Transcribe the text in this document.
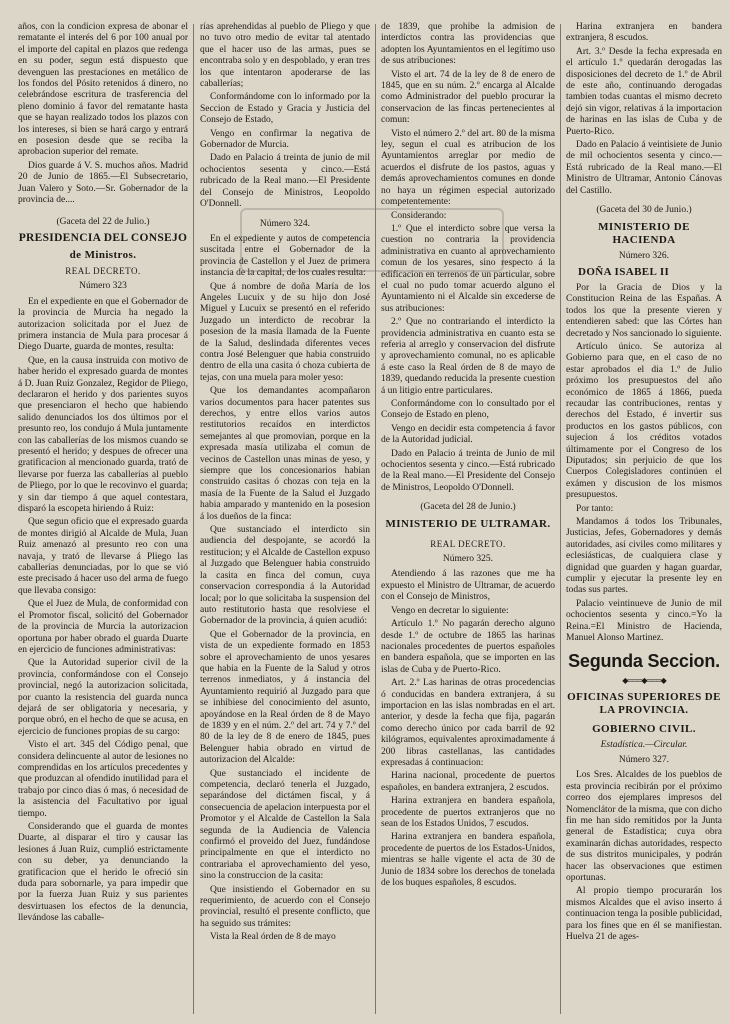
años, con la condicion expresa de abonar el rematante el interés del 6 por 100 anual por el importe del capital en plazos que redenga en su poder, segun está dispuesto que devenguen las prestaciones en metálico de los fondos del Pósito retenidos á dinero, no celebrándose escritura de trasferencia del pleno dominio á favor del rematante hasta que se hayan realizado todos los plazos con los intereses, si bien se hará cargo y entrará en posesion desde que se reciba la aprobacion superior del remate.

Dios guarde á V. S. muchos años. Madrid 20 de Junio de 1865.—El Subsecretario, Juan Valero y Soto.—Sr. Gobernador de la provincia de....

(Gaceta del 22 de Julio.)

PRESIDENCIA DEL CONSEJO
de Ministros.
REAL DECRETO.
Número 323

En el expediente en que el Gobernador de la provincia de Murcia ha negado la autorizacion solicitada por el Juez de primera instancia de Mula para procesar á Diego Duarte, guarda de montes, resulta:

Que, en la causa instruida con motivo de haber herido el expresado guarda de montes á D. Juan Ruiz Gonzalez, Regidor de Pliego, declararon el herido y dos parientes suyos que presenciaron el hecho que habiendo salido denunciados los dos últimos por el presunto reo, los condujo á Mula juntamente con las caballerías de los mismos cuando se presentó el herido; y despues de ofrecer una gratificacion al mencionado guarda, trató de llevarse por fuerza las caballerías al pueblo de Pliego, por lo que le recovinvo el guarda; y sin dar tiempo á que aquel contestara, disparó la escopeta hiriendo á Ruiz:

Que segun oficio que el expresado guarda de montes dirigió al Alcalde de Mula, Juan Ruiz amenazó al presunto reo con una navaja, y trató de llevarse á Pliego las caballerías denunciadas, por lo que se vió este precisado á hacer uso del arma de fuego que llevaba consigo:

Que el Juez de Mula, de conformidad con el Promotor fiscal, solicitó del Gobernador de la provincia de Murcia la autorizacion oportuna por haber obrado el guarda Duarte en ejercicio de funciones administrativas:

Que la Autoridad superior civil de la provincia, conformándose con el Consejo provincial, negó la autorizacion solicitada, por cuanto la resistencia del guarda nunca dejará de ser obligatoria y necesaria, y porque obró, en el hecho de que se acusa, en ejercicio de funciones propias de su cargo:

Visto el art. 345 del Código penal, que considera delincuente al autor de lesiones no comprendidas en los artículos precedentes y que produzcan al ofendido inutilidad para el trabajo por cinco dias ó mas, ó necesidad de la asistencia del Facultativo por igual tiempo.

Considerando que el guarda de montes Duarte, al disparar el tiro y causar las lesiones á Juan Ruiz, cumplió estrictamente con su deber, ya denunciando la gratificacion que el herido le ofreció sin duda para sobornarle, ya para impedir que por la fuerza Juan Ruiz y sus parientes desvirtuasen los efectos de la denuncia, llevándose las caballe-

rías aprehendidas al pueblo de Pliego y que no tuvo otro medio de evitar tal atentado que el hacer uso de las armas, pues se encontraba solo y en despoblado, y eran tres los que intentaron apoderarse de las caballerías;

Conformándome con lo informado por la Seccion de Estado y Gracia y Justicia del Consejo de Estado,

Vengo en confirmar la negativa de Gobernador de Murcia.

Dado en Palacio á treinta de junio de mil ochocientos sesenta y cinco.—Está rubricado de la Real mano.—El Presidente del Consejo de Ministros, Leopoldo O'Donnell.

Número 324.

En el expediente y autos de competencia suscitada entre el Gobernador de la provincia de Castellon y el Juez de primera instancia de la capital, de los cuales resulta:

Que á nombre de doña María de los Angeles Lucuix y de su hijo don José Miguel y Lucuix se presentó en el referido Juzgado un interdicto de recobrar la posesion de la masía llamada de la Fuente de la Salud, deslindada diferentes veces contra José Belenguer que habia construido dentro de ella una casita ó choza cubierta de tejas, con una muela para moler yeso:

Que los demandantes acompañaron varios documentos para hacer patentes sus derechos, y entre ellos varios autos restitutorios recaídos en interdictos semejantes al que promovian, porque en la expresada masía utilizaba el comun de vecinos de Castellon unas minas de yeso, y siempre que los concesionarios habian construido casitas ó chozas con teja en la masía de la Fuente de la Salud el Juzgado habia amparado y mantenido en la posesion á los dueños de la finca:

Que sustanciado el interdicto sin audiencia del despojante, se acordó la restitucion; y el Alcalde de Castellon expuso al Juzgado que Belenguer habia construido la casita en finca del comun, cuya conservacion correspondia á la Autoridad local; por lo que solicitaba la suspension del auto restitutorio hasta que resolviese el Gobernador de la provincia, á quien acudió:

Que el Gobernador de la provincia, en vista de un expediente formado en 1853 sobre el aprovechamiento de unos yesares que habia en la Fuente de la Salud y otros terrenos inmediatos, y á instancia del Ayuntamiento requirió al Juzgado para que se inhibiese del conocimiento del asunto, apoyándose en la Real órden de 8 de Mayo de 1839 y en el núm. 2.º del art. 74 y 7.º del 80 de la ley de 8 de enero de 1845, pues Belenguer habia obrado en virtud de autorizacion del Alcalde:

Que sustanciado el incidente de competencia, declaró tenerla el Juzgado, separándose del dictámen fiscal, y á consecuencia de apelacion interpuesta por el Promotor y el Alcalde de Castellon la Sala segunda de la Audiencia de Valencia confirmó el proveido del Juez, fundándose principalmente en que el interdicto no contrariaba el aprovechamiento del yeso, sino la construccion de la casita:

Que insistiendo el Gobernador en su requerimiento, de acuerdo con el Consejo provincial, resultó el presente conflicto, que ha seguido sus trámites:

Vista la Real órden de 8 de mayo

de 1839, que prohibe la admision de interdictos contra las providencias que adopten los Ayuntamientos en el legítimo uso de sus atribuciones:

Visto el art. 74 de la ley de 8 de enero de 1845, que en su núm. 2.º encarga al Alcalde como Administrador del pueblo procurar la conservacion de las fincas pertenecientes al comun:

Visto el número 2.º del art. 80 de la misma ley, segun el cual es atribucion de los Ayuntamientos arreglar por medio de acuerdos el disfrute de los pastos, aguas y demás aprovechamientos comunes en donde no haya un régimen especial autorizado competentemente:

Considerando:

1.º Que el interdicto sobre que versa la cuestion no contraria la providencia administrativa en cuanto al aprovechamiento comun de los yesares, sino respecto á la edificacion en terrenos de un particular, sobre el cual no pudo tomar acuerdo alguno el Ayuntamiento ni el Alcalde sin excederse de sus atribuciones:

2.º Que no contrariando el interdicto la providencia administrativa en cuanto esta se referia al arreglo y conservacion del disfrute y aprovechamiento comunal, no es aplicable á este caso la Real órden de 8 de mayo de 1839, quedando reducida la presente cuestion á un litigio entre particulares.

Conformándome con lo consultado por el Consejo de Estado en pleno,

Vengo en decidir esta competencia á favor de la Autoridad judicial.

Dado en Palacio á treinta de Junio de mil ochocientos sesenta y cinco.—Está rubricado de la Real mano.—El Presidente del Consejo de Ministros, Leopoldo O'Donnell.

(Gaceta del 28 de Junio.)

MINISTERIO DE ULTRAMAR.
REAL DECRETO.
Número 325.

Atendiendo á las razones que me ha expuesto el Ministro de Ultramar, de acuerdo con el Consejo de Ministros,

Vengo en decretar lo siguiente:

Artículo 1.º No pagarán derecho alguno desde 1.º de octubre de 1865 las harinas nacionales procedentes de puertos españoles en bandera española, que se importen en las islas de Cuba y de Puerto-Rico.

Art. 2.º Las harinas de otras procedencias ó conducidas en bandera extranjera, á su importacion en las islas nombradas en el art. anterior, y desde la fecha que fija, pagarán como derecho único por cada barril de 92 kilógramos, equivalentes aproximadamente á 200 libras castellanas, las cantidades expresadas á continuacion:

Harina nacional, procedente de puertos españoles, en bandera extranjera, 2 escudos.

Harina extranjera en bandera española, procedente de puertos extranjeros que no sean de los Estados Unidos, 7 escudos.

Harina extranjera en bandera española, procedente de puertos de los Estados-Unidos, mientras se halle vigente el acta de 30 de Junio de 1834 sobre los derechos de tonelada de los buques españoles, 8 escudos.

Harina extranjera en bandera extranjera, 8 escudos.

Art. 3.º Desde la fecha expresada en el artículo 1.º quedarán derogadas las disposiciones del decreto de 1.º de Abril de este año, continuando derogadas tambien todas cuantas el mismo decreto dejó sin vigor, relativas á la importacion de harinas en las islas de Cuba y de Puerto-Rico.

Dado en Palacio á veintisiete de Junio de mil ochocientos sesenta y cinco.—Está rubricado de la Real mano.—El Ministro de Ultramar, Antonio Cánovas del Castillo.

(Gaceta del 30 de Junio.)

MINISTERIO DE HACIENDA
Número 326.
DOÑA ISABEL II

Por la Gracia de Dios y la Constitucion Reina de las Españas. A todos los que la presente vieren y entendieren sabed: que las Córtes han decretado y Nos sancionado lo siguiente.

Artículo único. Se autoriza al Gobierno para que, en el caso de no estar aprobados el dia 1.º de Julio próximo los presupuestos del año económico de 1865 á 1866, pueda recaudar las contribuciones, rentas y derechos del Estado, é invertir sus productos en los gastos públicos, con sujecion á los créditos votados últimamente por el Congreso de los Diputados; sin perjuicio de que los Cuerpos Colegisladores continúen el exámen y discusion de los mismos presupuestos.

Por tanto:

Mandamos á todos los Tribunales, Justicias, Jefes, Gobernadores y demás autoridades, así civiles como militares y eclesiásticas, de cualquiera clase y dignidad que guarden y hagan guardar, cumplir y ejecutar la presente ley en todas sus partes.

Palacio veintinueve de Junio de mil ochocientos sesenta y cinco.=Yo la Reina.=El Ministro de Hacienda, Manuel Alonso Martinez.

Segunda Seccion.
◆═══◆═══◆
OFICINAS SUPERIORES DE LA PROVINCIA.
GOBIERNO CIVIL.
Estadística.—Circular.
Número 327.

Los Sres. Alcaldes de los pueblos de esta provincia recibirán por el próximo correo dos ejemplares impresos del Nomenclátor de la misma, que con dicho fin me han sido remitidos por la Junta general de Estadística; cuya obra examinarán dichas autoridades, respecto de sus distritos municipales, y podrán hacer las observaciones que estimen oportunas.

Al propio tiempo procurarán los mismos Alcaldes que el aviso inserto á continuacion tenga la posible publicidad, para los fines que en él se manifiestan. Huelva 21 de ages-
